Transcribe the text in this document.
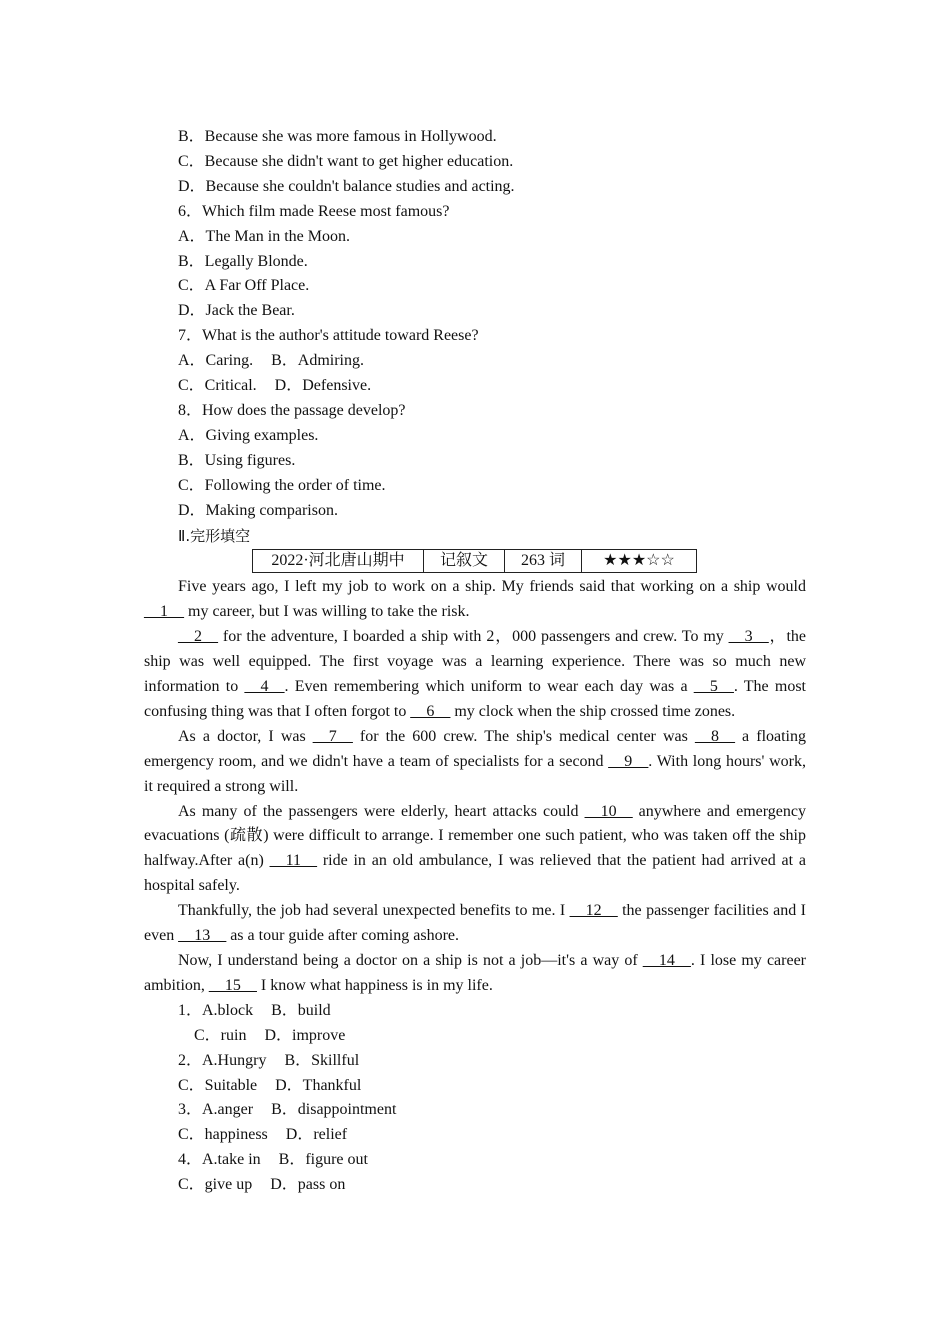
B．Because she was more famous in Hollywood.
C．Because she didn't want to get higher education.
D．Because she couldn't balance studies and acting.
6．Which film made Reese most famous?
A．The Man in the Moon.
B．Legally Blonde.
C．A Far Off Place.
D．Jack the Bear.
7．What is the author's attitude toward Reese?
A．Caring. B．Admiring.
C．Critical. D．Defensive.
8．How does the passage develop?
A．Giving examples.
B．Using figures.
C．Following the order of time.
D．Making comparison.
Ⅱ.完形填空
2022·河北唐山期中	记叙文	263 词	★★★☆☆
Five years ago, I left my job to work on a ship. My friends said that working on a ship would __1__ my career, but I was willing to take the risk.
__2__ for the adventure, I boarded a ship with 2，000 passengers and crew. To my __3__，the ship was well equipped. The first voyage was a learning experience. There was so much new information to __4__. Even remembering which uniform to wear each day was a __5__. The most confusing thing was that I often forgot to __6__ my clock when the ship crossed time zones.
As a doctor, I was __7__ for the 600 crew. The ship's medical center was __8__ a floating emergency room, and we didn't have a team of specialists for a second __9__. With long hours' work, it required a strong will.
As many of the passengers were elderly, heart attacks could __10__ anywhere and emergency evacuations (疏散) were difficult to arrange. I remember one such patient, who was taken off the ship halfway.After a(n) __11__ ride in an old ambulance, I was relieved that the patient had arrived at a hospital safely.
Thankfully, the job had several unexpected benefits to me. I __12__ the passenger facilities and I even __13__ as a tour guide after coming ashore.
Now, I understand being a doctor on a ship is not a job—it's a way of __14__. I lose my career ambition, __15__ I know what happiness is in my life.
1．A.block B．build
C．ruin D．improve
2．A.Hungry B．Skillful
C．Suitable D．Thankful
3．A.anger B．disappointment
C．happiness D．relief
4．A.take in B．figure out
C．give up D．pass on
